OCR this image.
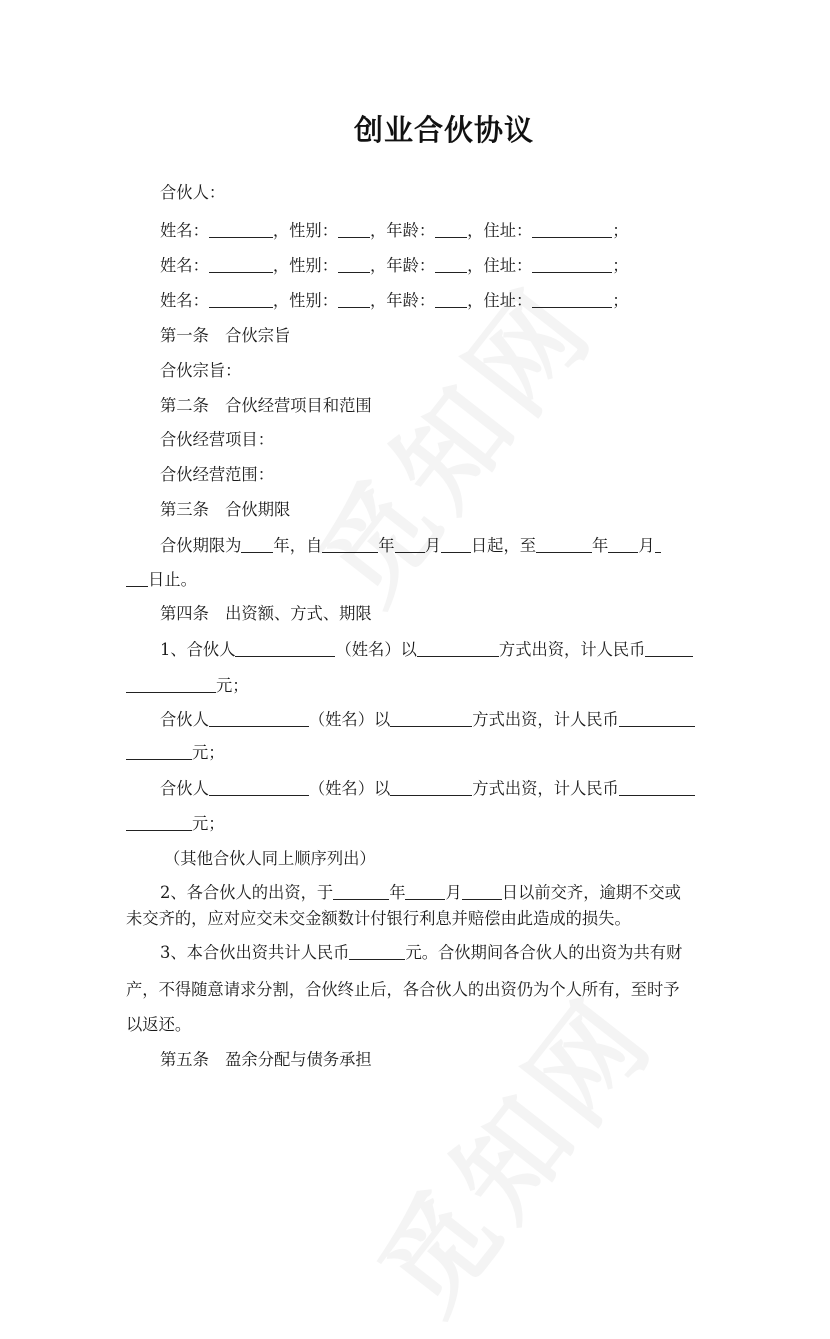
创业合伙协议
合伙人：
姓名：	，性别： ，年龄： ，住址：	；
姓名：	，性别： ，年龄： ，住址：	；
姓名：	，性别： ，年龄： ，住址：	；
第一条　合伙宗旨
合伙宗旨：
第二条　合伙经营项目和范围
合伙经营项目：
合伙经营范围：
第三条　合伙期限
合伙期限为 年，自	年 月 日起，至	年 月
日止。
第四条　出资额、方式、期限
1、合伙人	（姓名）以	方式出资，计人民币
元；
合伙人	（姓名）以	方式出资，计人民币
元；
合伙人	（姓名）以	方式出资，计人民币
元；
（其他合伙人同上顺序列出）
2、各合伙人的出资，于	年 月 日以前交齐，逾期不交或
未交齐的，应对应交未交金额数计付银行利息并赔偿由此造成的损失。
3、本合伙出资共计人民币	元。合伙期间各合伙人的出资为共有财
产，不得随意请求分割，合伙终止后，各合伙人的出资仍为个人所有，至时予
以返还。
第五条　盈余分配与债务承担
